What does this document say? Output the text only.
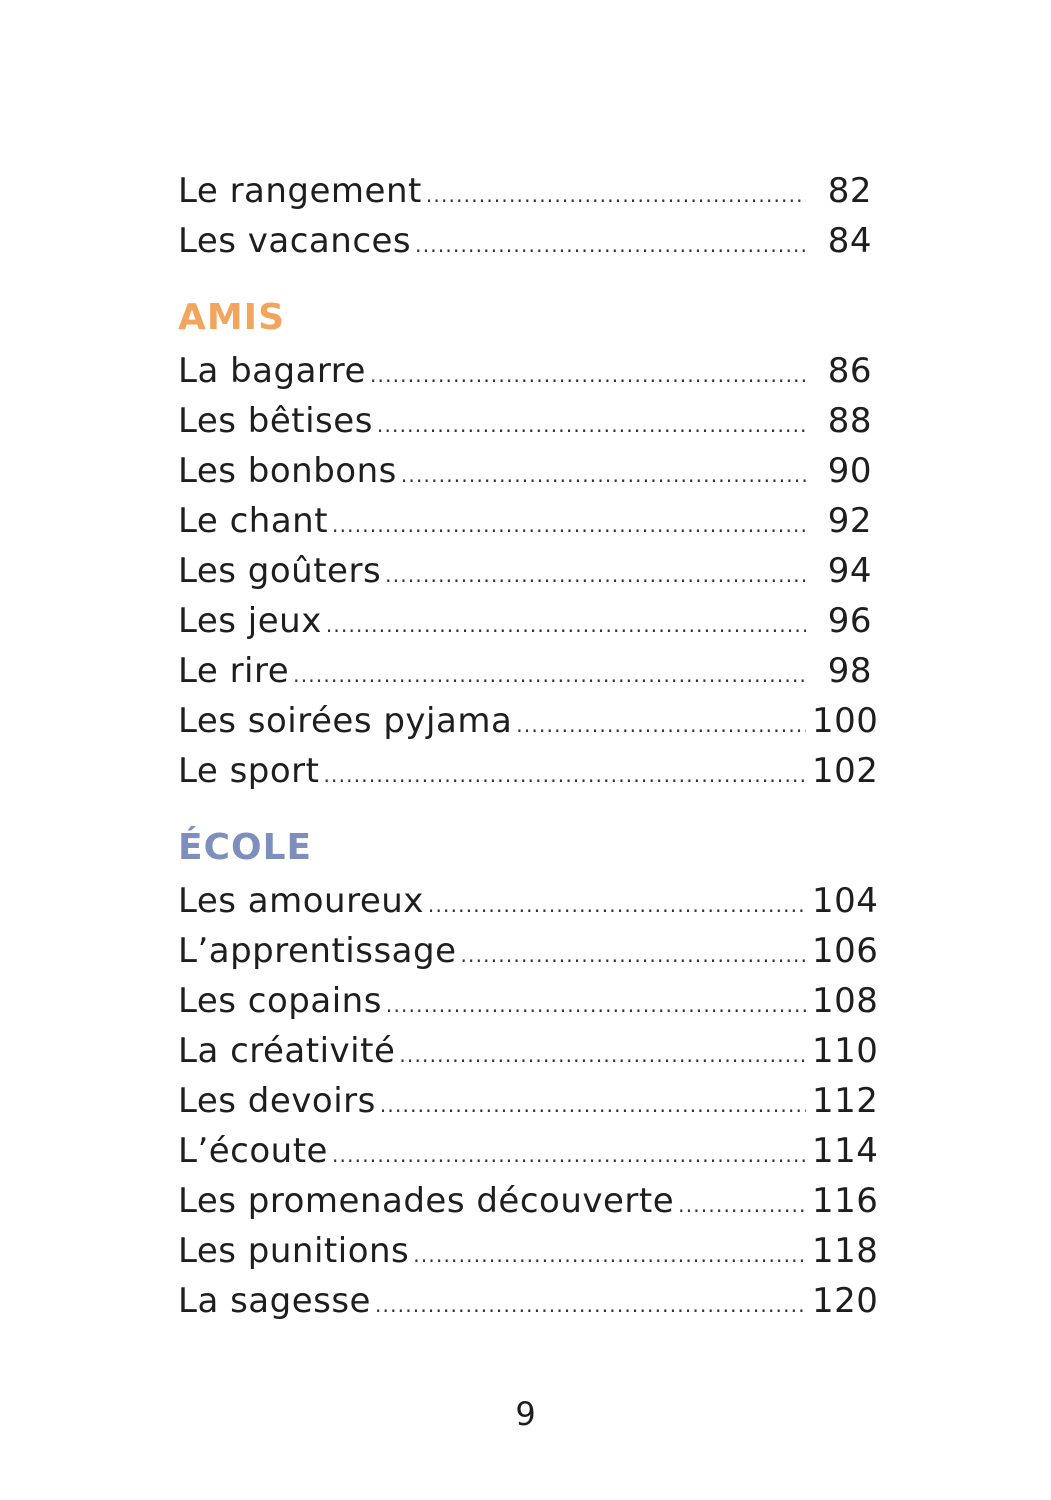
Le rangement .....	82
Les vacances .....	84
AMIS
La bagarre .....	86
Les bêtises .....	88
Les bonbons .....	90
Le chant .....	92
Les goûters .....	94
Les jeux .....	96
Le rire .....	98
Les soirées pyjama .....	100
Le sport .....	102
ÉCOLE
Les amoureux .....	104
L’apprentissage .....	106
Les copains .....	108
La créativité .....	110
Les devoirs .....	112
L’écoute .....	114
Les promenades découverte .....	116
Les punitions .....	118
La sagesse .....	120
9
